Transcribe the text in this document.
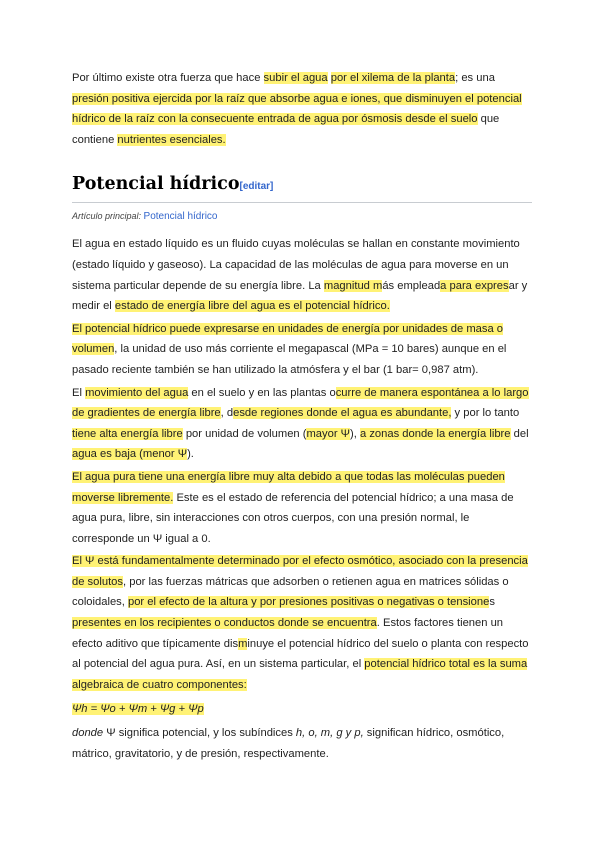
Por último existe otra fuerza que hace subir el agua por el xilema de la planta; es una presión positiva ejercida por la raíz que absorbe agua e iones, que disminuyen el potencial hídrico de la raíz con la consecuente entrada de agua por ósmosis desde el suelo que contiene nutrientes esenciales.

Potencial hídrico[editar]
Artículo principal: Potencial hídrico

El agua en estado líquido es un fluido cuyas moléculas se hallan en constante movimiento (estado líquido y gaseoso). La capacidad de las moléculas de agua para moverse en un sistema particular depende de su energía libre. La magnitud más empleada para expresar y medir el estado de energía libre del agua es el potencial hídrico.

El potencial hídrico puede expresarse en unidades de energía por unidades de masa o volumen, la unidad de uso más corriente el megapascal (MPa = 10 bares) aunque en el pasado reciente también se han utilizado la atmósfera y el bar (1 bar= 0,987 atm).

El movimiento del agua en el suelo y en las plantas ocurre de manera espontánea a lo largo de gradientes de energía libre, desde regiones donde el agua es abundante, y por lo tanto tiene alta energía libre por unidad de volumen (mayor Ψ), a zonas donde la energía libre del agua es baja (menor Ψ).

El agua pura tiene una energía libre muy alta debido a que todas las moléculas pueden moverse libremente. Este es el estado de referencia del potencial hídrico; a una masa de agua pura, libre, sin interacciones con otros cuerpos, con una presión normal, le corresponde un Ψ igual a 0.

El Ψ está fundamentalmente determinado por el efecto osmótico, asociado con la presencia de solutos, por las fuerzas mátricas que adsorben o retienen agua en matrices sólidas o coloidales, por el efecto de la altura y por presiones positivas o negativas o tensiones presentes en los recipientes o conductos donde se encuentra. Estos factores tienen un efecto aditivo que típicamente disminuye el potencial hídrico del suelo o planta con respecto al potencial del agua pura. Así, en un sistema particular, el potencial hídrico total es la suma algebraica de cuatro componentes:

Ψh = Ψo + Ψm + Ψg + Ψp

donde Ψ significa potencial, y los subíndices h, o, m, g y p, significan hídrico, osmótico, mátrico, gravitatorio, y de presión, respectivamente.
